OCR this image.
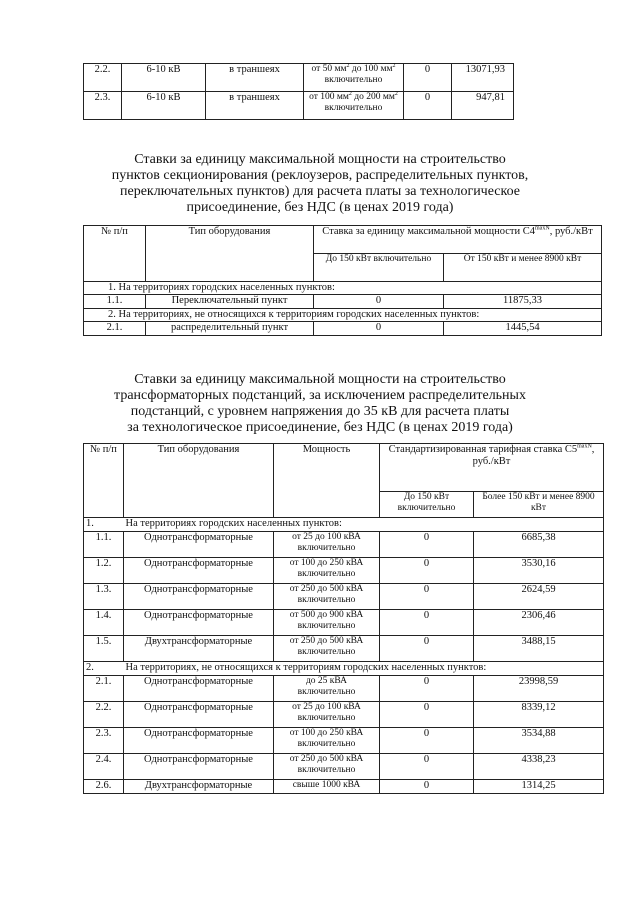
2.2.	6-10 кВ	в траншеях	от 50 $мм^2$ до 100 $мм^2$ включительно	0	13071,93
2.3.	6-10 кВ	в траншеях	от 100 $мм^2$ до 200 $мм^2$ включительно	0	947,81
Ставки за единицу максимальной мощности на строительство
пунктов секционирования (реклоузеров, распределительных пунктов,
переключательных пунктов) для расчета платы за технологическое
присоединение, без НДС (в ценах 2019 года)
№ п/п	Тип оборудования	Ставка за единицу максимальной мощности $С4^{maxN}$, руб./кВт	
		До 150 кВт включительно	От 150 кВт и менее 8900 кВт
1. На территориях городских населенных пунктов:			
1.1.	Переключательный пункт	0	11875,33
2. На территориях, не относящихся к территориям городских населенных пунктов:			
2.1.	распределительный пункт	0	1445,54
Ставки за единицу максимальной мощности на строительство
трансформаторных подстанций, за исключением распределительных
подстанций, с уровнем напряжения до 35 кВ для расчета платы
за технологическое присоединение, без НДС (в ценах 2019 года)
№ п/п	Тип оборудования	Мощность	Стандартизированная тарифная ставка $С5^{maxN}$, руб./кВт	
			До 150 кВт включительно	Более 150 кВт и менее 8900 кВт
1.	На территориях городских населенных пунктов:			
1.1.	Однотрансформаторные	от 25 до 100 кВА включительно	0	6685,38
1.2.	Однотрансформаторные	от 100 до 250 кВА включительно	0	3530,16
1.3.	Однотрансформаторные	от 250 до 500 кВА включительно	0	2624,59
1.4.	Однотрансформаторные	от 500 до 900 кВА включительно	0	2306,46
1.5.	Двухтрансформаторные	от 250 до 500 кВА включительно	0	3488,15
2.	На территориях, не относящихся к территориям городских населенных пунктов:			
2.1.	Однотрансформаторные	до 25 кВА включительно	0	23998,59
2.2.	Однотрансформаторные	от 25 до 100 кВА включительно	0	8339,12
2.3.	Однотрансформаторные	от 100 до 250 кВА включительно	0	3534,88
2.4.	Однотрансформаторные	от 250 до 500 кВА включительно	0	4338,23
2.6.	Двухтрансформаторные	свыше 1000 кВА	0	1314,25
